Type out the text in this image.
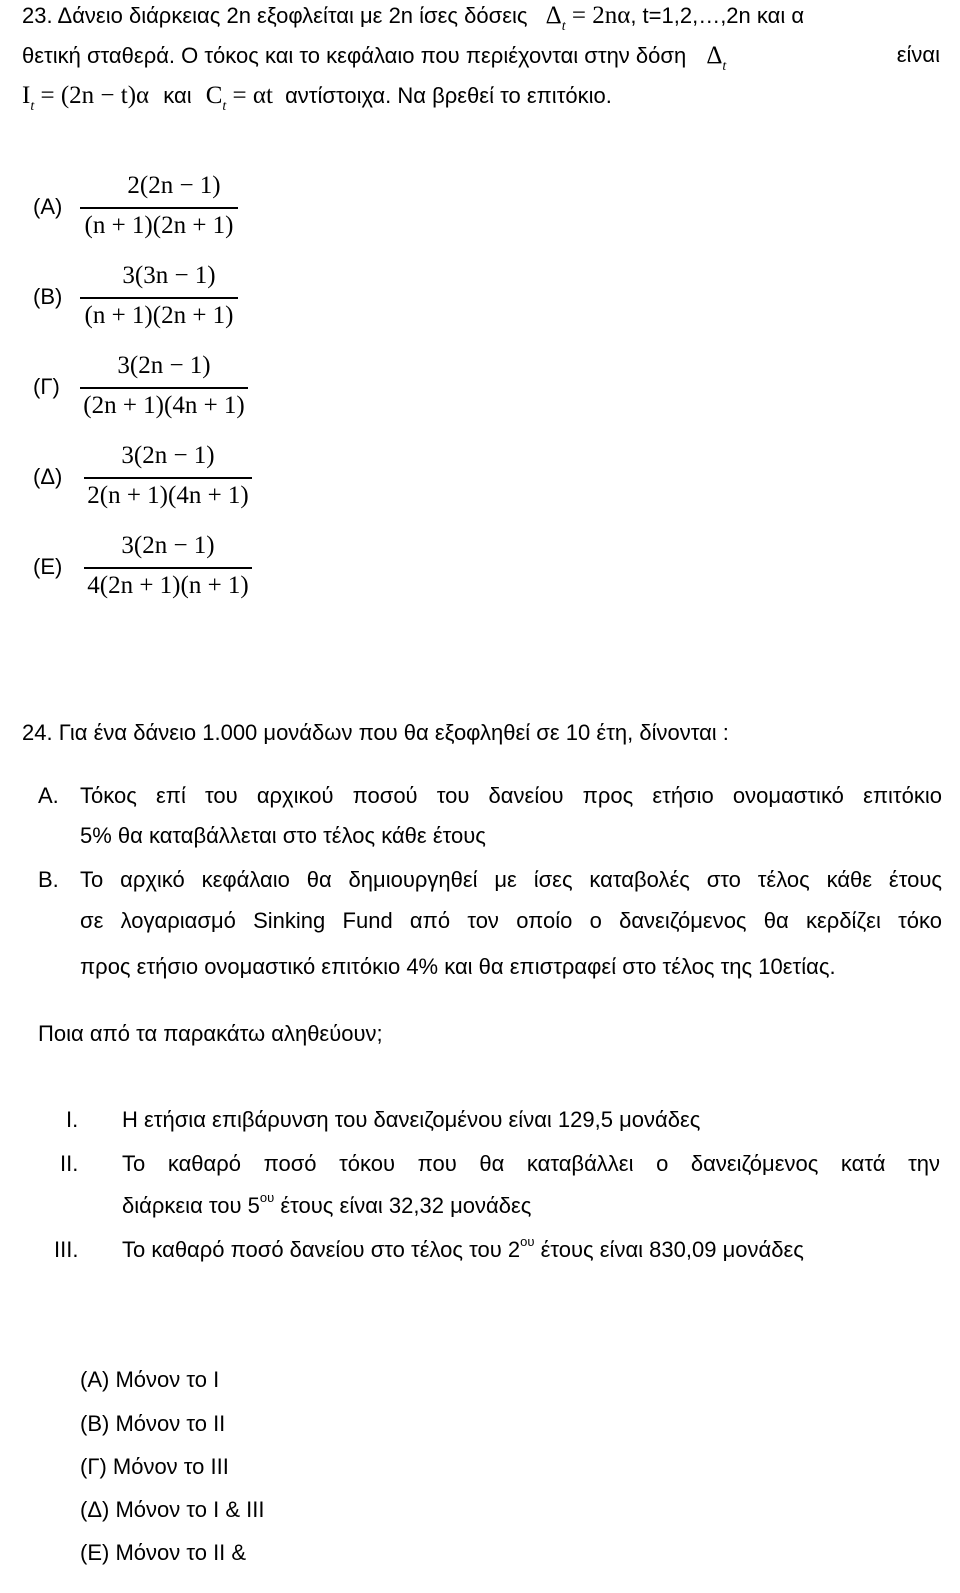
23. Δάνειο διάρκειας 2n εξοφλείται με 2n ίσες δόσεις $\Delta_t = 2n\alpha$, t=1,2,…,2n και α
θετική σταθερά. Ο τόκος και το κεφάλαιο που περιέχονται στην δόση $\Delta_t$	είναι
$I_t = (2n - t)\alpha$ και $C_t = \alpha t$ αντίστοιχα. Να βρεθεί το επιτόκιο.
(Α)
2(2n − 1)
(n + 1)(2n + 1)
(Β)
3(3n − 1)
(n + 1)(2n + 1)
(Γ)
3(2n − 1)
(2n + 1)(4n + 1)
(Δ)
3(2n − 1)
2(n + 1)(4n + 1)
(Ε)
3(2n − 1)
4(2n + 1)(n + 1)
24. Για ένα δάνειο 1.000 μονάδων που θα εξοφληθεί σε 10 έτη, δίνονται :
Α. Τόκος επί του αρχικού ποσού του δανείου προς ετήσιο ονομαστικό επιτόκιο
5% θα καταβάλλεται στο τέλος κάθε έτους
Β. Το αρχικό κεφάλαιο θα δημιουργηθεί με ίσες καταβολές στο τέλος κάθε έτους
σε λογαριασμό Sinking Fund από τον οποίο ο δανειζόμενος θα κερδίζει τόκο
προς ετήσιο ονομαστικό επιτόκιο 4% και θα επιστραφεί στο τέλος της 10ετίας.
Ποια από τα παρακάτω αληθεύουν;
I. Η ετήσια επιβάρυνση του δανειζομένου είναι 129,5 μονάδες
II. Το καθαρό ποσό τόκου που θα καταβάλλει ο δανειζόμενος κατά την
διάρκεια του $5^{o\upsilon}$ έτους είναι 32,32 μονάδες
III. Το καθαρό ποσό δανείου στο τέλος του $2^{o\upsilon}$ έτους είναι 830,09 μονάδες
(Α) Μόνον το I
(Β) Μόνον το II
(Γ) Μόνον το III
(Δ) Μόνον το I & III
(Ε) Μόνον το II &
